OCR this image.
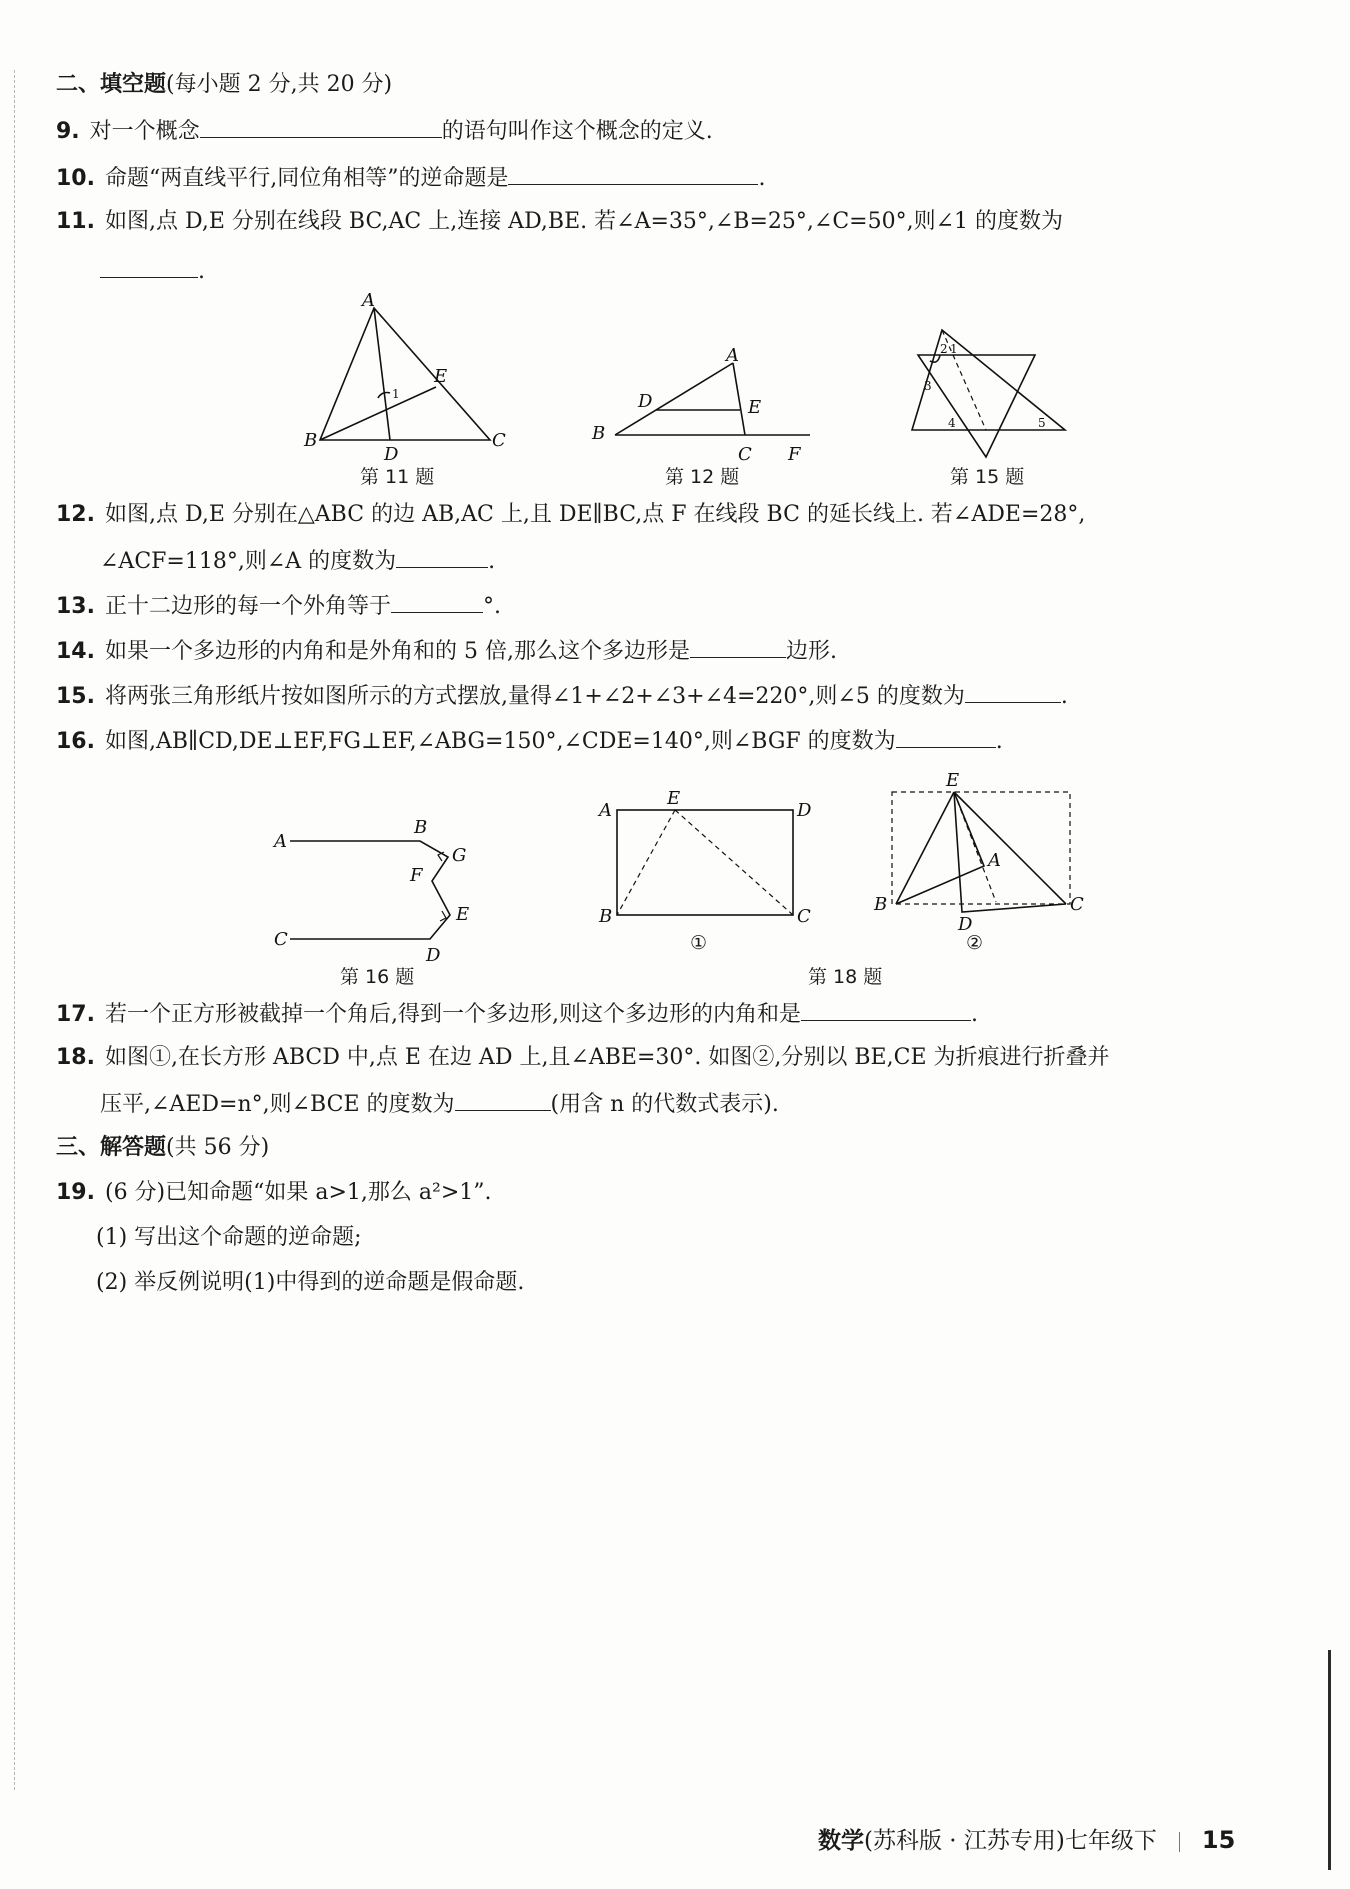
二、填空题(每小题 2 分,共 20 分)
9. 对一个概念	的语句叫作这个概念的定义.
10. 命题“两直线平行,同位角相等”的逆命题是	.
11. 如图,点 D,E 分别在线段 BC,AC 上,连接 AD,BE. 若∠A=35°,∠B=25°,∠C=50°,则∠1 的度数为
.
A
B	C
D
E
1
第 11 题
A
B
D	E
C F
第 12 题
2 1
3
4	5
第 15 题
12. 如图,点 D,E 分别在△ABC 的边 AB,AC 上,且 DE∥BC,点 F 在线段 BC 的延长线上. 若∠ADE=28°,
∠ACF=118°,则∠A 的度数为	.
13. 正十二边形的每一个外角等于	°.
14. 如果一个多边形的内角和是外角和的 5 倍,那么这个多边形是	边形.
15. 将两张三角形纸片按如图所示的方式摆放,量得∠1+∠2+∠3+∠4=220°,则∠5 的度数为	.
16. 如图,AB∥CD,DE⊥EF,FG⊥EF,∠ABG=150°,∠CDE=140°,则∠BGF 的度数为	.
A
B
G
F
E
C
D
第 16 题
A
E
D
B	C
①
E
A
B	C
D
第 18 题
②
17. 若一个正方形被截掉一个角后,得到一个多边形,则这个多边形的内角和是	.
18. 如图①,在长方形 ABCD 中,点 E 在边 AD 上,且∠ABE=30°. 如图②,分别以 BE,CE 为折痕进行折叠并
压平,∠AED=n°,则∠BCE 的度数为	(用含 n 的代数式表示).
三、解答题(共 56 分)
19. (6 分)已知命题“如果 a>1,那么 a²>1”.
(1) 写出这个命题的逆命题;
(2) 举反例说明(1)中得到的逆命题是假命题.
数学(苏科版 · 江苏专用)七年级下 15
